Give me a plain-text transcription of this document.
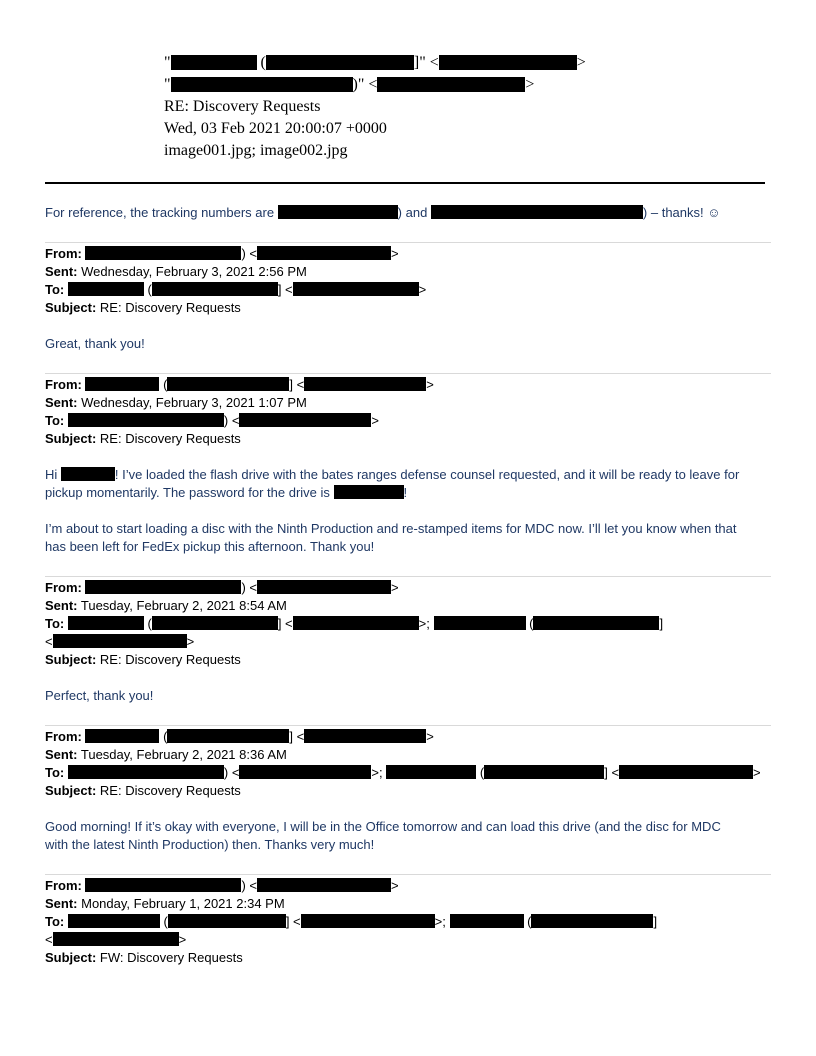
"	(	]" <	>
"	)" <	>
RE: Discovery Requests
Wed, 03 Feb 2021 20:00:07 +0000
image001.jpg; image002.jpg
For reference, the tracking numbers are	) and	) – thanks! ☺
From:	) <	>
Sent: Wednesday, February 3, 2021 2:56 PM
To:	(	] <	>
Subject: RE: Discovery Requests
Great, thank you!
From:	(	] <	>
Sent: Wednesday, February 3, 2021 1:07 PM
To:	) <	>
Subject: RE: Discovery Requests
Hi	! I’ve loaded the flash drive with the bates ranges defense counsel requested, and it will be ready to leave for
pickup momentarily. The password for the drive is	!
I’m about to start loading a disc with the Ninth Production and re-stamped items for MDC now. I’ll let you know when that
has been left for FedEx pickup this afternoon. Thank you!
From:	) <	>
Sent: Tuesday, February 2, 2021 8:54 AM
To:	(	] <	>;	(	]
<	>
Subject: RE: Discovery Requests
Perfect, thank you!
From:	(	] <	>
Sent: Tuesday, February 2, 2021 8:36 AM
To:	) <	>;	(	] <	>
Subject: RE: Discovery Requests
Good morning! If it’s okay with everyone, I will be in the Office tomorrow and can load this drive (and the disc for MDC
with the latest Ninth Production) then. Thanks very much!
From:	) <	>
Sent: Monday, February 1, 2021 2:34 PM
To:	(	] <	>;	(	]
<	>
Subject: FW: Discovery Requests
